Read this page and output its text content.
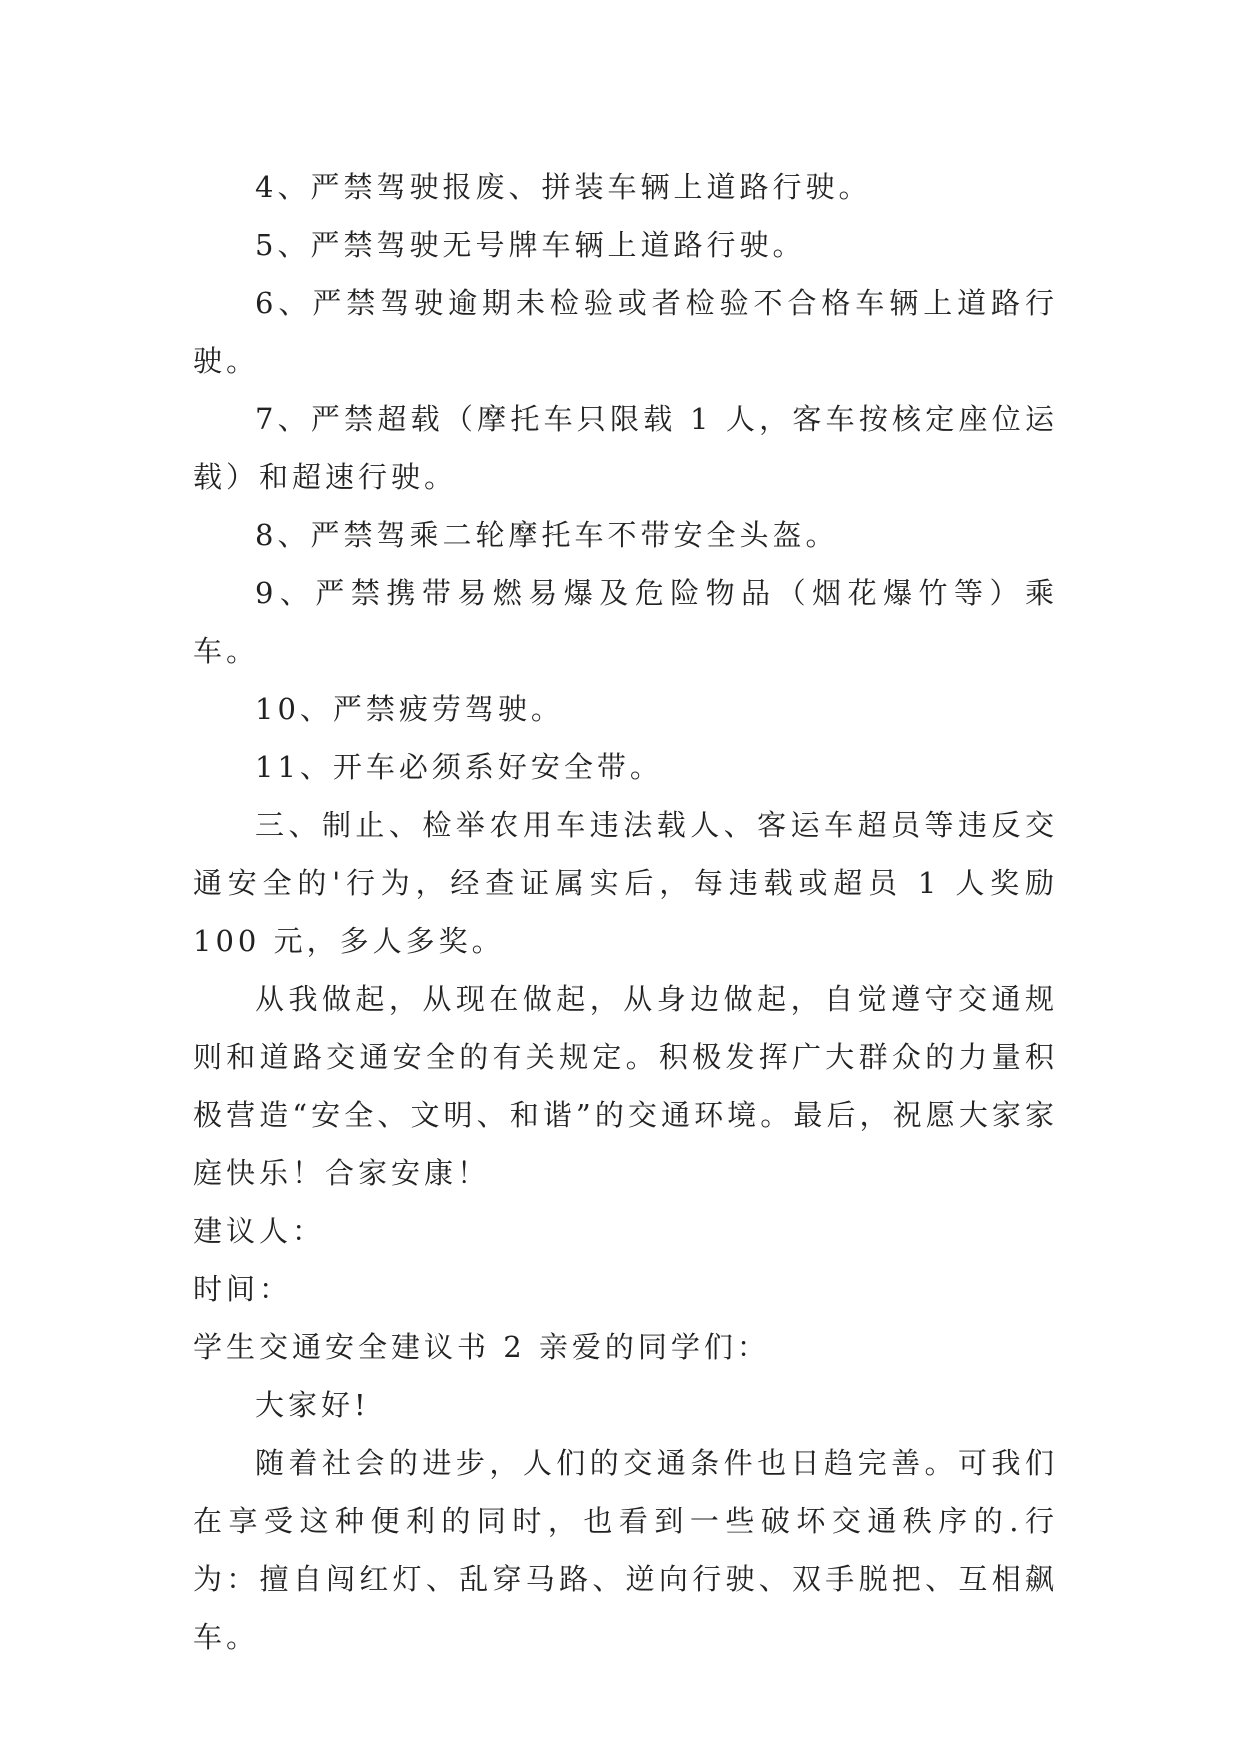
4、严禁驾驶报废、拼装车辆上道路行驶。

5、严禁驾驶无号牌车辆上道路行驶。

6、严禁驾驶逾期未检验或者检验不合格车辆上道路行驶。

7、严禁超载（摩托车只限载 1 人，客车按核定座位运载）和超速行驶。

8、严禁驾乘二轮摩托车不带安全头盔。

9、严禁携带易燃易爆及危险物品（烟花爆竹等）乘车。

10、严禁疲劳驾驶。

11、开车必须系好安全带。

三、制止、检举农用车违法载人、客运车超员等违反交通安全的'行为，经查证属实后，每违载或超员 1 人奖励 100 元，多人多奖。

从我做起，从现在做起，从身边做起，自觉遵守交通规则和道路交通安全的有关规定。积极发挥广大群众的力量积极营造“安全、文明、和谐”的交通环境。最后，祝愿大家家庭快乐！合家安康！

建议人：

时间：

学生交通安全建议书 2 亲爱的同学们：

大家好!

随着社会的进步，人们的交通条件也日趋完善。可我们在享受这种便利的同时，也看到一些破坏交通秩序的.行为：擅自闯红灯、乱穿马路、逆向行驶、双手脱把、互相飙车。
